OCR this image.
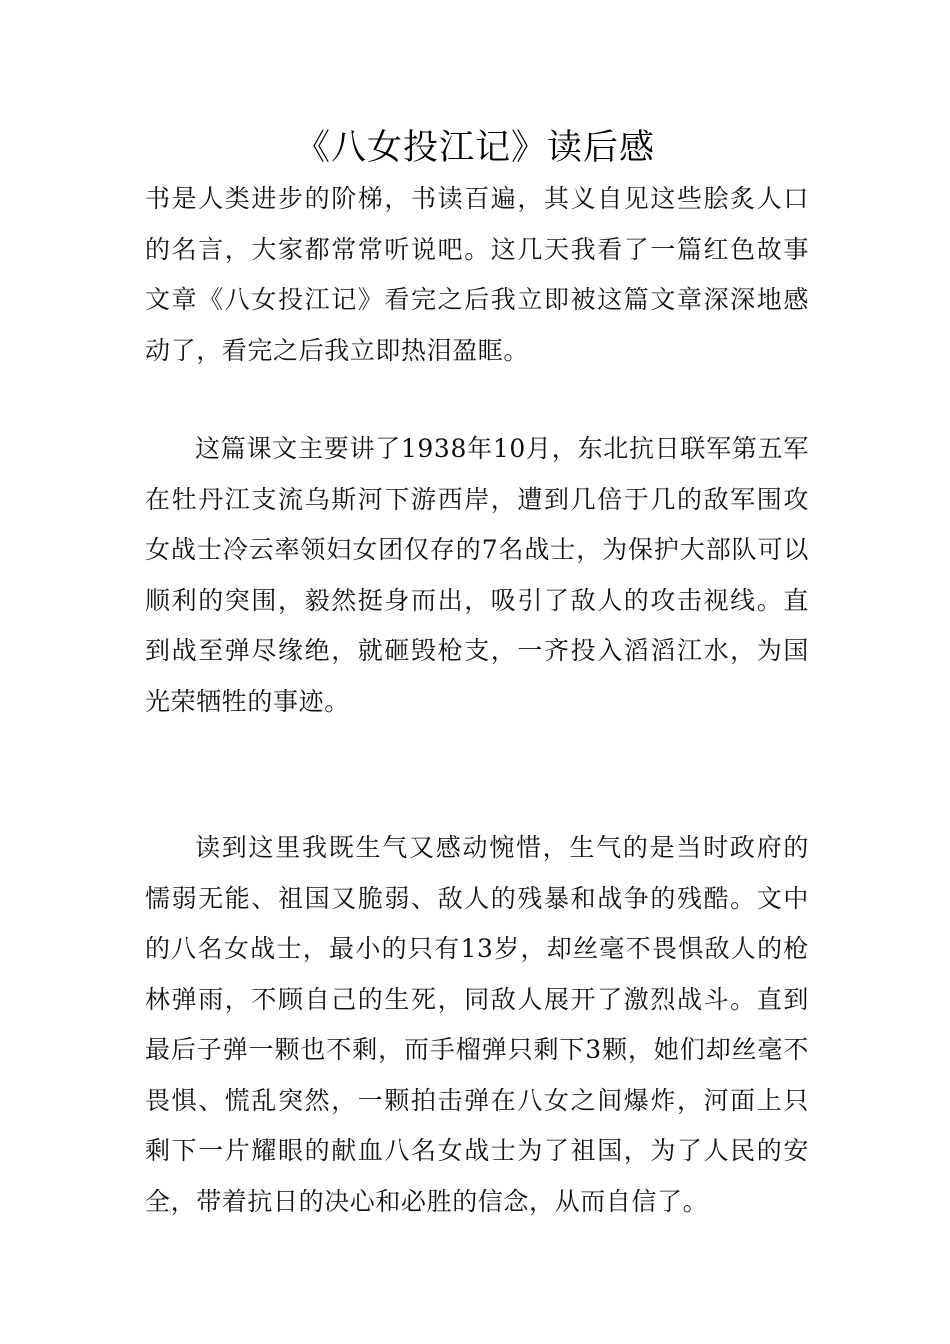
《八女投江记》读后感

书是人类进步的阶梯，书读百遍，其义自见这些脍炙人口的名言，大家都常常听说吧。这几天我看了一篇红色故事文章《八女投江记》看完之后我立即被这篇文章深深地感动了，看完之后我立即热泪盈眶。

这篇课文主要讲了1938年10月，东北抗日联军第五军在牡丹江支流乌斯河下游西岸，遭到几倍于几的敌军围攻女战士冷云率领妇女团仅存的7名战士，为保护大部队可以顺利的突围，毅然挺身而出，吸引了敌人的攻击视线。直到战至弹尽缘绝，就砸毁枪支，一齐投入滔滔江水，为国光荣牺牲的事迹。

读到这里我既生气又感动惋惜，生气的是当时政府的懦弱无能、祖国又脆弱、敌人的残暴和战争的残酷。文中的八名女战士，最小的只有13岁，却丝毫不畏惧敌人的枪林弹雨，不顾自己的生死，同敌人展开了激烈战斗。直到最后子弹一颗也不剩，而手榴弹只剩下3颗，她们却丝毫不畏惧、慌乱突然，一颗拍击弹在八女之间爆炸，河面上只剩下一片耀眼的献血八名女战士为了祖国，为了人民的安全，带着抗日的决心和必胜的信念，从而自信了。
